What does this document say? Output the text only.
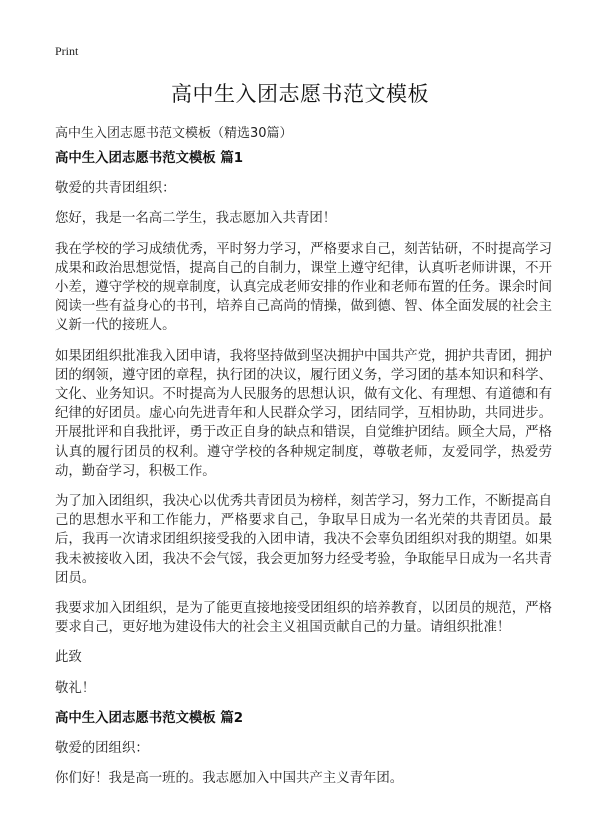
Print
高中生入团志愿书范文模板
高中生入团志愿书范文模板（精选30篇）
高中生入团志愿书范文模板 篇1

敬爱的共青团组织：

您好，我是一名高二学生，我志愿加入共青团！

我在学校的学习成绩优秀，平时努力学习，严格要求自己，刻苦钻研，不时提高学习成果和政治思想觉悟，提高自己的自制力，课堂上遵守纪律，认真听老师讲课，不开小差，遵守学校的规章制度，认真完成老师安排的作业和老师布置的任务。课余时间阅读一些有益身心的书刊，培养自己高尚的情操，做到德、智、体全面发展的社会主义新一代的接班人。

如果团组织批准我入团申请，我将坚持做到坚决拥护中国共产党，拥护共青团，拥护团的纲领，遵守团的章程，执行团的决议，履行团义务，学习团的基本知识和科学、文化、业务知识。不时提高为人民服务的思想认识，做有文化、有理想、有道德和有纪律的好团员。虚心向先进青年和人民群众学习，团结同学，互相协助，共同进步。开展批评和自我批评，勇于改正自身的缺点和错误，自觉维护团结。顾全大局，严格认真的履行团员的权利。遵守学校的各种规定制度，尊敬老师，友爱同学，热爱劳动，勤奋学习，积极工作。

为了加入团组织，我决心以优秀共青团员为榜样，刻苦学习，努力工作，不断提高自己的思想水平和工作能力，严格要求自己，争取早日成为一名光荣的共青团员。最后，我再一次请求团组织接受我的入团申请，我决不会辜负团组织对我的期望。如果我未被接收入团，我决不会气馁，我会更加努力经受考验，争取能早日成为一名共青团员。

我要求加入团组织，是为了能更直接地接受团组织的培养教育，以团员的规范，严格要求自己，更好地为建设伟大的社会主义祖国贡献自己的力量。请组织批准！

此致

敬礼！

高中生入团志愿书范文模板 篇2

敬爱的团组织：

你们好！我是高一班的。我志愿加入中国共产主义青年团。
